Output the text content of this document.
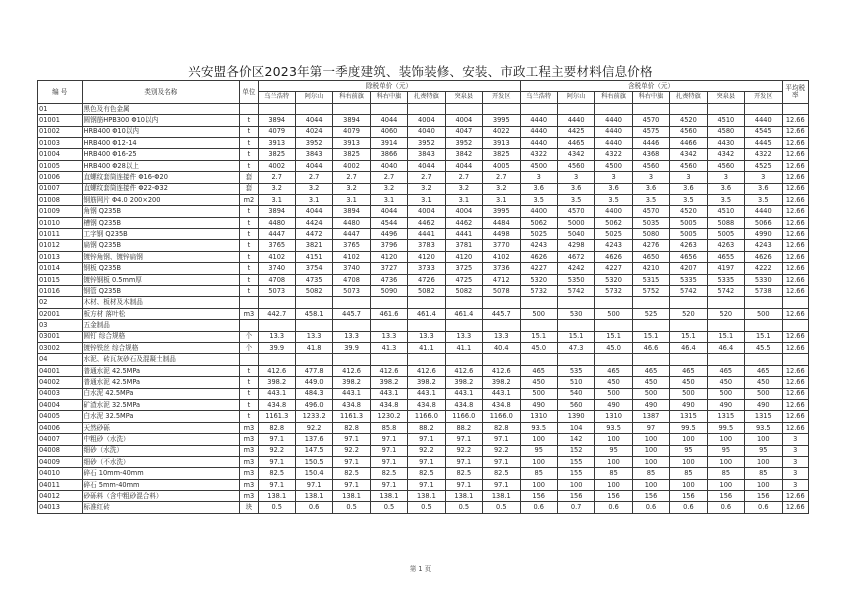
兴安盟各价区2023年第一季度建筑、装饰装修、安装、市政工程主要材料信息价格
编 号	类别及名称	单位	除税单价（元）							含税单价（元）							平均税率
			乌兰浩特	阿尔山	科右前旗	科右中旗	扎赉特旗	突泉县	开发区	乌兰浩特	阿尔山	科右前旗	科右中旗	扎赉特旗	突泉县	开发区	
01	黑色及有色金属																
01001	圆钢筋HPB300 Φ10以内	t	3894	4044	3894	4044	4004	4004	3995	4440	4440	4440	4570	4520	4510	4440	12.66
01002	HRB400 Φ10以内	t	4079	4024	4079	4060	4040	4047	4022	4440	4425	4440	4575	4560	4580	4545	12.66
01003	HRB400 Φ12-14	t	3913	3952	3913	3914	3952	3952	3913	4440	4465	4440	4446	4466	4430	4445	12.66
01004	HRB400 Φ16-25	t	3825	3843	3825	3866	3843	3842	3825	4322	4342	4322	4368	4342	4342	4322	12.66
01005	HRB400 Φ28以上	t	4002	4044	4002	4040	4044	4044	4005	4500	4560	4500	4560	4560	4560	4525	12.66
01006	直螺纹套筒连接件 Φ16-Φ20	套	2.7	2.7	2.7	2.7	2.7	2.7	2.7	3	3	3	3	3	3	3	12.66
01007	直螺纹套筒连接件 Φ22-Φ32	套	3.2	3.2	3.2	3.2	3.2	3.2	3.2	3.6	3.6	3.6	3.6	3.6	3.6	3.6	12.66
01008	钢筋网片 Φ4.0 200×200	m2	3.1	3.1	3.1	3.1	3.1	3.1	3.1	3.5	3.5	3.5	3.5	3.5	3.5	3.5	12.66
01009	角钢 Q235B	t	3894	4044	3894	4044	4004	4004	3995	4400	4570	4400	4570	4520	4510	4440	12.66
01010	槽钢 Q235B	t	4480	4424	4480	4544	4462	4462	4484	5062	5000	5062	5035	5005	5088	5066	12.66
01011	工字钢 Q235B	t	4447	4472	4447	4496	4441	4441	4498	5025	5040	5025	5080	5005	5005	4990	12.66
01012	扁钢 Q235B	t	3765	3821	3765	3796	3783	3781	3770	4243	4298	4243	4276	4263	4263	4243	12.66
01013	镀锌角钢、镀锌扁钢	t	4102	4151	4102	4120	4120	4120	4102	4626	4672	4626	4650	4656	4655	4626	12.66
01014	钢板 Q235B	t	3740	3754	3740	3727	3733	3725	3736	4227	4242	4227	4210	4207	4197	4222	12.66
01015	镀锌钢板 0.5mm厚	t	4708	4735	4708	4736	4726	4725	4712	5320	5350	5320	5315	5335	5335	5330	12.66
01016	钢管 Q235B	t	5073	5082	5073	5090	5082	5082	5078	5732	5742	5732	5752	5742	5742	5738	12.66
02	木材、板材及木制品																
02001	板方材 落叶松	m3	442.7	458.1	445.7	461.6	461.4	461.4	445.7	500	530	500	525	520	520	500	12.66
03	五金制品																
03001	圆钉 综合规格	个	13.3	13.3	13.3	13.3	13.3	13.3	13.3	15.1	15.1	15.1	15.1	15.1	15.1	15.1	12.66
03002	镀锌铁丝 综合规格	个	39.9	41.8	39.9	41.3	41.1	41.1	40.4	45.0	47.3	45.0	46.6	46.4	46.4	45.5	12.66
04	水泥、砖瓦灰砂石及混凝土制品																
04001	普通水泥 42.5MPa	t	412.6	477.8	412.6	412.6	412.6	412.6	412.6	465	535	465	465	465	465	465	12.66
04002	普通水泥 42.5MPa	t	398.2	449.0	398.2	398.2	398.2	398.2	398.2	450	510	450	450	450	450	450	12.66
04003	白水泥 42.5MPa	t	443.1	484.3	443.1	443.1	443.1	443.1	443.1	500	540	500	500	500	500	500	12.66
04004	矿渣水泥 32.5MPa	t	434.8	496.0	434.8	434.8	434.8	434.8	434.8	490	560	490	490	490	490	490	12.66
04005	白水泥 32.5MPa	t	1161.3	1233.2	1161.3	1230.2	1166.0	1166.0	1166.0	1310	1390	1310	1387	1315	1315	1315	12.66
04006	天然砂砾	m3	82.8	92.2	82.8	85.8	88.2	88.2	82.8	93.5	104	93.5	97	99.5	99.5	93.5	12.66
04007	中粗砂（水洗）	m3	97.1	137.6	97.1	97.1	97.1	97.1	97.1	100	142	100	100	100	100	100	3
04008	细砂（水洗）	m3	92.2	147.5	92.2	97.1	92.2	92.2	92.2	95	152	95	100	95	95	95	3
04009	细砂（不水洗）	m3	97.1	150.5	97.1	97.1	97.1	97.1	97.1	100	155	100	100	100	100	100	3
04010	碎石 10mm-40mm	m3	82.5	150.4	82.5	82.5	82.5	82.5	82.5	85	155	85	85	85	85	85	3
04011	碎石 5mm-40mm	m3	97.1	97.1	97.1	97.1	97.1	97.1	97.1	100	100	100	100	100	100	100	3
04012	砂砾料（含中粗砂混合料）	m3	138.1	138.1	138.1	138.1	138.1	138.1	138.1	156	156	156	156	156	156	156	12.66
04013	标准红砖	块	0.5	0.6	0.5	0.5	0.5	0.5	0.5	0.6	0.7	0.6	0.6	0.6	0.6	0.6	12.66
第 1 页
